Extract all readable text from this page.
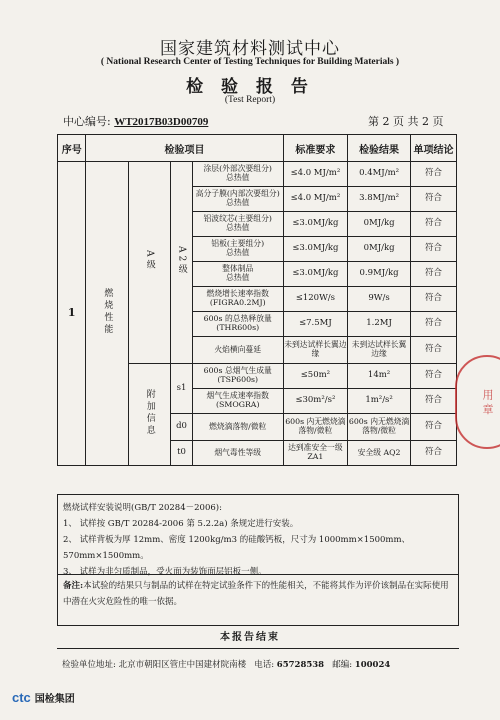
国家建筑材料测试中心
( National Research Center of Testing Techniques for Building Materials )
检 验 报 告
(Test Report)
中心编号: WT2017B03D00709	第 2 页 共 2 页
序号	检验项目				标准要求	检验结果	单项结论
1	燃烧性能	A级	A2级	涂层(外部次要组分)
总热值	≤4.0 MJ/m²	0.4MJ/m²	符合

				高分子膜(内部次要组分)
总热值	≤4.0 MJ/m²	3.8MJ/m²	符合

				铝波纹芯(主要组分)
总热值	≤3.0MJ/kg	0MJ/kg	符合

				铝板(主要组分)
总热值	≤3.0MJ/kg	0MJ/kg	符合

				整体制品
总热值	≤3.0MJ/kg	0.9MJ/kg	符合

				燃烧增长速率指数
(FIGRA0.2MJ)	≤120W/s	9W/s	符合

				600s 的总热释放量
(THR600s)	≤7.5MJ	1.2MJ	符合
				火焰横向蔓延	未到达试样长翼边缘	未到达试样长翼边缘	符合
		附加信息	s1	600s 总烟气生成量
(TSP600s)	≤50m²	14m²	符合

				烟气生成速率指数
(SMOGRA)	≤30m²/s²	1m²/s²	符合
			d0	燃烧滴落物/微粒	600s 内无燃烧滴落物/微粒	600s 内无燃烧滴落物/微粒	符合
			t0	烟气毒性等级	达到准安全一级 ZA1	安全级 AQ2	符合
用 章
燃烧试样安装说明(GB/T 20284－2006):
1、 试样按 GB/T 20284-2006 第 5.2.2a) 条规定进行安装。
2、 试样背板为厚 12mm、密度 1200kg/m3 的硅酸钙板，尺寸为 1000mm×1500mm、
570mm×1500mm。
3、 试样为非匀质制品，受火面为装饰面层铝板一侧。
备注:本试验的结果只与制品的试样在特定试验条件下的性能相关，不能将其作为评价该制品在实际使用中潜在火灾危险性的唯一依据。
本报告结束
检验单位地址: 北京市朝阳区管庄中国建材院南楼 电话: 65728538 邮编: 100024
ctc 国检集团
